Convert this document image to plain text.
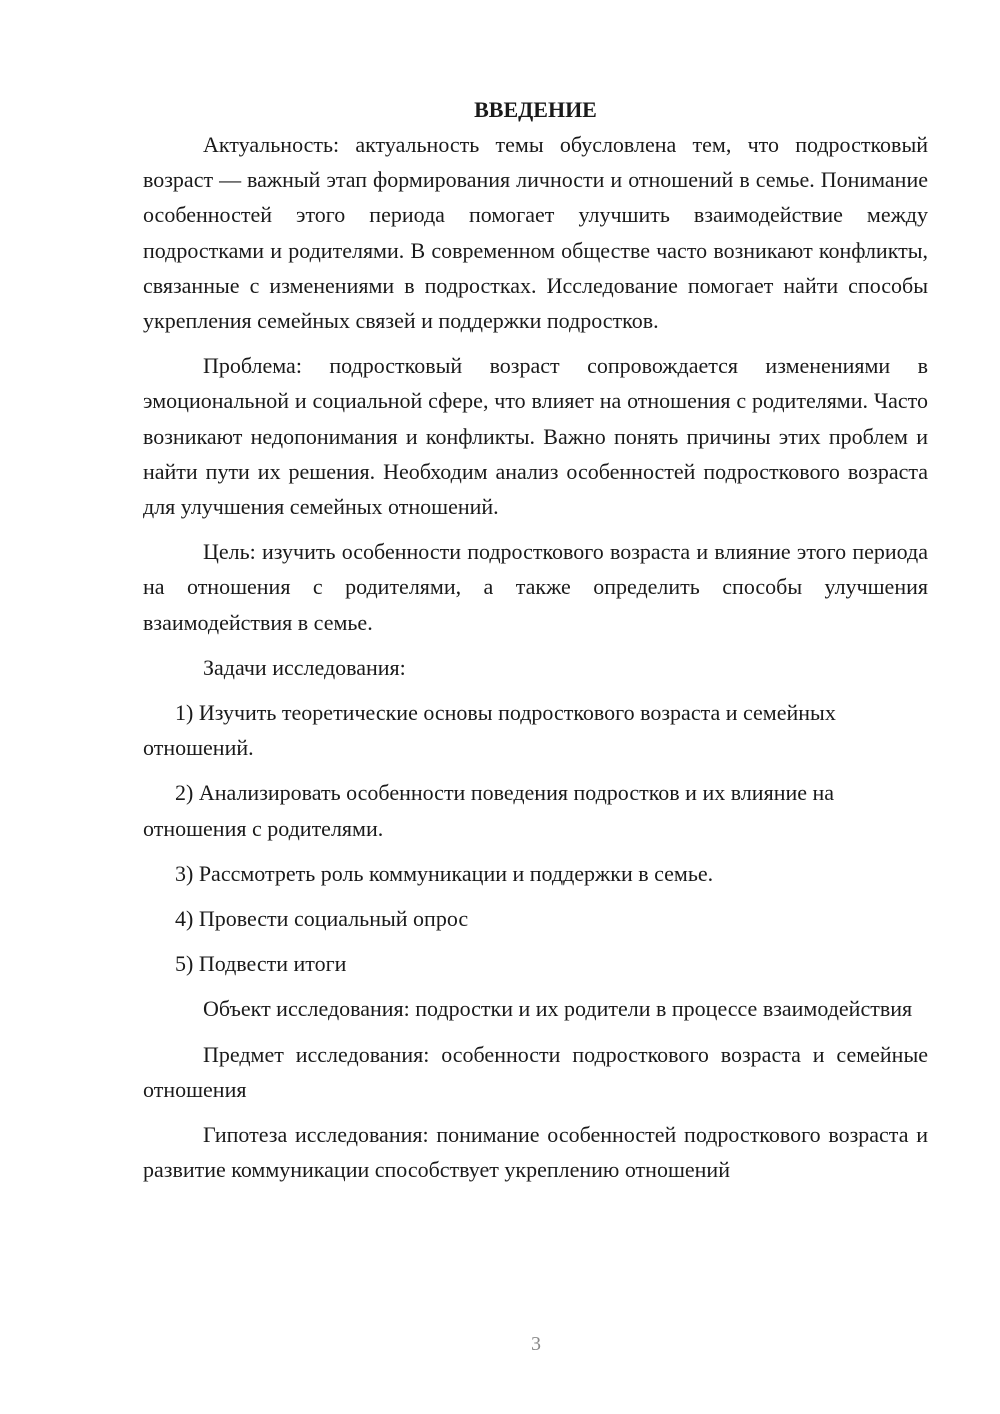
ВВЕДЕНИЕ

Актуальность: актуальность темы обусловлена тем, что подростковый возраст — важный этап формирования личности и отношений в семье. Понимание особенностей этого периода помогает улучшить взаимодействие между подростками и родителями. В современном обществе часто возникают конфликты, связанные с изменениями в подростках. Исследование помогает найти способы укрепления семейных связей и поддержки подростков.

Проблема: подростковый возраст сопровождается изменениями в эмоциональной и социальной сфере, что влияет на отношения с родителями. Часто возникают недопонимания и конфликты. Важно понять причины этих проблем и найти пути их решения. Необходим анализ особенностей подросткового возраста для улучшения семейных отношений.

Цель: изучить особенности подросткового возраста и влияние этого периода на отношения с родителями, а также определить способы улучшения взаимодействия в семье.

Задачи исследования:

1) Изучить теоретические основы подросткового возраста и семейных отношений.

2) Анализировать особенности поведения подростков и их влияние на отношения с родителями.

3) Рассмотреть роль коммуникации и поддержки в семье.

4) Провести социальный опрос

5) Подвести итоги

Объект исследования: подростки и их родители в процессе взаимодействия

Предмет исследования: особенности подросткового возраста и семейные отношения

Гипотеза исследования: понимание особенностей подросткового возраста и развитие коммуникации способствует укреплению отношений

3
